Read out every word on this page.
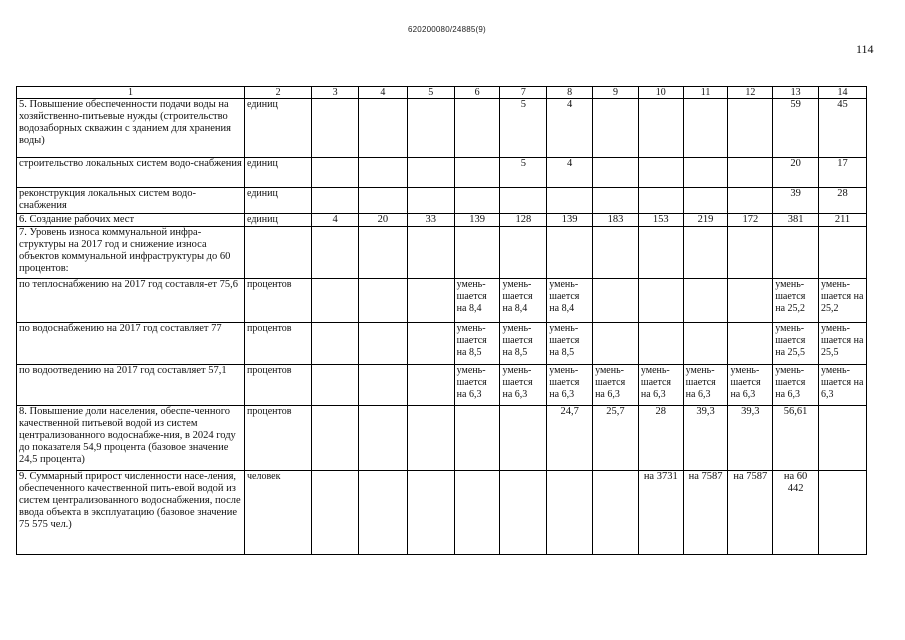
620200080/24885(9)
114
1	2	3	4	5	6	7	8	9	10	11	12	13	14
5. Повышение обеспеченности подачи воды на хозяйственно-питьевые нужды (строительство водозаборных скважин с зданием для хранения воды)	единиц					5	4					59	45
строительство локальных систем водо-снабжения	единиц					5	4					20	17
реконструкция локальных систем водо-снабжения	единиц											39	28
6. Создание рабочих мест	единиц	4	20	33	139	128	139	183	153	219	172	381	211
7. Уровень износа коммунальной инфра-структуры на 2017 год и снижение износа объектов коммунальной инфраструктуры до 60 процентов:													
по теплоснабжению на 2017 год составля-ет 75,6	процентов				умень-шается на 8,4	умень-шается на 8,4	умень-шается на 8,4					умень-шается на 25,2	умень-шается на 25,2
по водоснабжению на 2017 год составляет 77	процентов				умень-шается на 8,5	умень-шается на 8,5	умень-шается на 8,5					умень-шается на 25,5	умень-шается на 25,5
по водоотведению на 2017 год составляет 57,1	процентов				умень-шается на 6,3	умень-шается на 6,3	умень-шается на 6,3	умень-шается на 6,3	умень-шается на 6,3	умень-шается на 6,3	умень-шается на 6,3	умень-шается на 6,3	умень-шается на 6,3
8. Повышение доли населения, обеспе-ченного качественной питьевой водой из систем централизованного водоснабже-ния, в 2024 году до показателя 54,9 процента (базовое значение 24,5 процента)	процентов						24,7	25,7	28	39,3	39,3	56,61	
9. Суммарный прирост численности насе-ления, обеспеченного качественной пить-евой водой из систем централизованного водоснабжения, после ввода объекта в эксплуатацию (базовое значение 75 575 чел.)	человек								на 3731	на 7587	на 7587	на 60 442	
